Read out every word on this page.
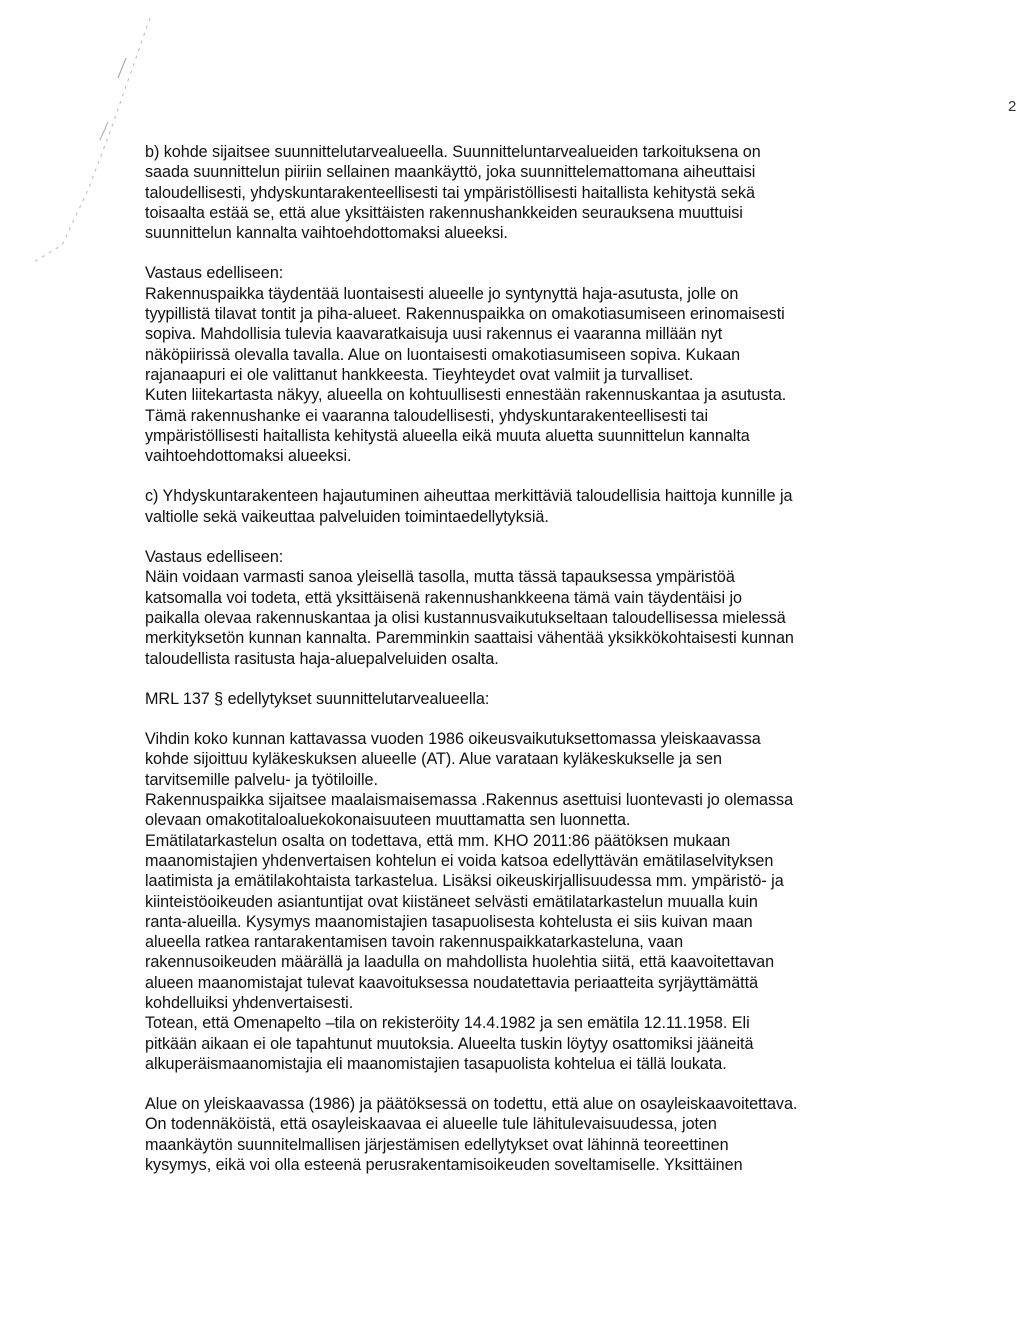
2
b) kohde sijaitsee suunnittelutarvealueella. Suunnitteluntarvealueiden tarkoituksena on
saada suunnittelun piiriin sellainen maankäyttö, joka suunnittelemattomana aiheuttaisi
taloudellisesti, yhdyskuntarakenteellisesti tai ympäristöllisesti haitallista kehitystä sekä
toisaalta estää se, että alue yksittäisten rakennushankkeiden seurauksena muuttuisi
suunnittelun kannalta vaihtoehdottomaksi alueeksi.
Vastaus edelliseen:
Rakennuspaikka täydentää luontaisesti alueelle jo syntynyttä haja-asutusta, jolle on
tyypillistä tilavat tontit ja piha-alueet. Rakennuspaikka on omakotiasumiseen erinomaisesti
sopiva. Mahdollisia tulevia kaavaratkaisuja uusi rakennus ei vaaranna millään nyt
näköpiirissä olevalla tavalla. Alue on luontaisesti omakotiasumiseen sopiva. Kukaan
rajanaapuri ei ole valittanut hankkeesta. Tieyhteydet ovat valmiit ja turvalliset.
Kuten liitekartasta näkyy, alueella on kohtuullisesti ennestään rakennuskantaa ja asutusta.
Tämä rakennushanke ei vaaranna taloudellisesti, yhdyskuntarakenteellisesti tai
ympäristöllisesti haitallista kehitystä alueella eikä muuta aluetta suunnittelun kannalta
vaihtoehdottomaksi alueeksi.
c) Yhdyskuntarakenteen hajautuminen aiheuttaa merkittäviä taloudellisia haittoja kunnille ja
valtiolle sekä vaikeuttaa palveluiden toimintaedellytyksiä.
Vastaus edelliseen:
Näin voidaan varmasti sanoa yleisellä tasolla, mutta tässä tapauksessa ympäristöä
katsomalla voi todeta, että yksittäisenä rakennushankkeena tämä vain täydentäisi jo
paikalla olevaa rakennuskantaa ja olisi kustannusvaikutukseltaan taloudellisessa mielessä
merkityksetön kunnan kannalta. Paremminkin saattaisi vähentää yksikkökohtaisesti kunnan
taloudellista rasitusta haja-aluepalveluiden osalta.
MRL 137 § edellytykset suunnittelutarvealueella:
Vihdin koko kunnan kattavassa vuoden 1986 oikeusvaikutuksettomassa yleiskaavassa
kohde sijoittuu kyläkeskuksen alueelle (AT). Alue varataan kyläkeskukselle ja sen
tarvitsemille palvelu- ja työtiloille.
Rakennuspaikka sijaitsee maalaismaisemassa .Rakennus asettuisi luontevasti jo olemassa
olevaan omakotitaloaluekokonaisuuteen muuttamatta sen luonnetta.
Emätilatarkastelun osalta on todettava, että mm. KHO 2011:86 päätöksen mukaan
maanomistajien yhdenvertaisen kohtelun ei voida katsoa edellyttävän emätilaselvityksen
laatimista ja emätilakohtaista tarkastelua. Lisäksi oikeuskirjallisuudessa mm. ympäristö- ja
kiinteistöoikeuden asiantuntijat ovat kiistäneet selvästi emätilatarkastelun muualla kuin
ranta-alueilla. Kysymys maanomistajien tasapuolisesta kohtelusta ei siis kuivan maan
alueella ratkea rantarakentamisen tavoin rakennuspaikkatarkasteluna, vaan
rakennusoikeuden määrällä ja laadulla on mahdollista huolehtia siitä, että kaavoitettavan
alueen maanomistajat tulevat kaavoituksessa noudatettavia periaatteita syrjäyttämättä
kohdelluiksi yhdenvertaisesti.
Totean, että Omenapelto –tila on rekisteröity 14.4.1982 ja sen emätila 12.11.1958. Eli
pitkään aikaan ei ole tapahtunut muutoksia. Alueelta tuskin löytyy osattomiksi jääneitä
alkuperäismaanomistajia eli maanomistajien tasapuolista kohtelua ei tällä loukata.
Alue on yleiskaavassa (1986) ja päätöksessä on todettu, että alue on osayleiskaavoitettava.
On todennäköistä, että osayleiskaavaa ei alueelle tule lähitulevaisuudessa, joten
maankäytön suunnitelmallisen järjestämisen edellytykset ovat lähinnä teoreettinen
kysymys, eikä voi olla esteenä perusrakentamisoikeuden soveltamiselle. Yksittäinen
